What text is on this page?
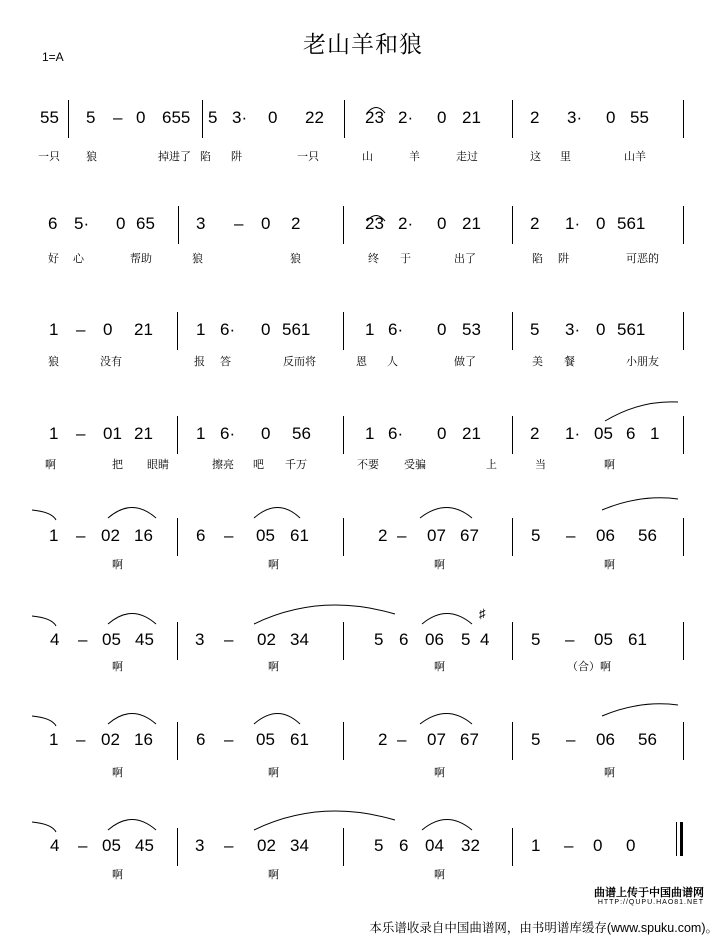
老山羊和狼
1=A
55 5 – 0 655 5 3· 0 22 23 2· 0 21	2 3· 0 55
一只 狼	掉进了 陷 阱	一只	山	羊	走过	这 里	山羊
6 5· 0 65 3 – 0 2	23 2· 0 21	2 1· 0 561
好 心	帮助	狼	狼	终 于	出了	陷 阱	可恶的
1 – 0 21	1 6· 0 561	1 6· 0 53	5 3· 0 561
狼	没有	报 答	反而将	恩 人	做了	美 餐	小朋友
1 – 01 21	1 6· 0 56	1 6· 0 21	2 1· 05 6 1
啊	把 眼睛	擦亮 吧 千万	不要 受骗	上	当	啊
1 – 02 16	6 – 05 61	2 – 07 67	5 – 06 56
啊	啊	啊	啊
4 – 05 45 3 – 02 34	5 6 06 5 4 5 – 05 61
啊	啊	啊	（合）啊
1 – 02 16	6 – 05 61	2 – 07 67	5 – 06 56
啊	啊	啊	啊
4 – 05 45 3 – 02 34	5 6 04 32	1 – 0 0
啊	啊	啊
♯
曲谱上传于中国曲谱网
HTTP://QUPU.HAO81.NET
本乐谱收录自中国曲谱网，由书明谱库缓存(www.spuku.com)。
